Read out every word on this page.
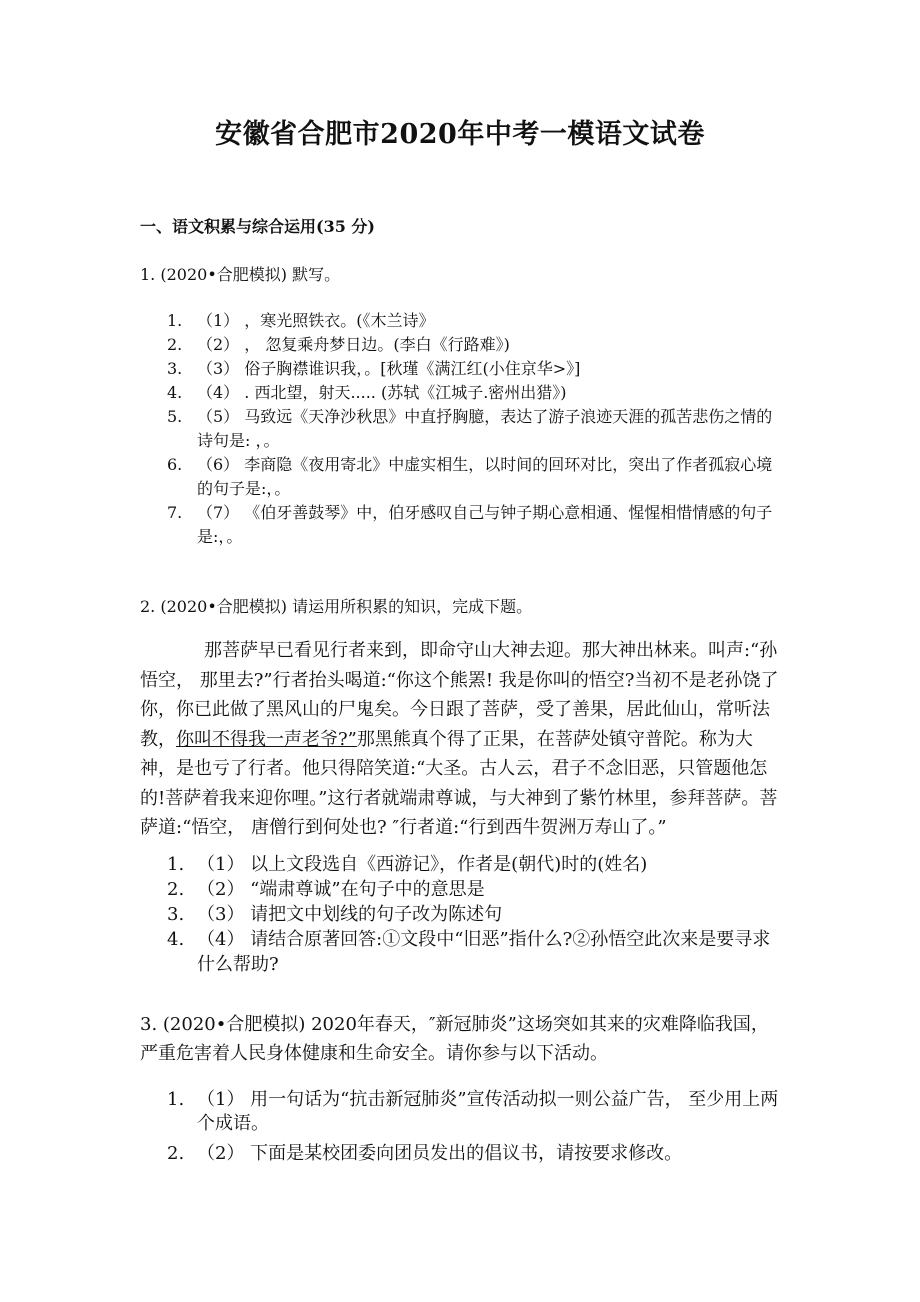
安徽省合肥市2020年中考一模语文试卷
一、语文积累与综合运用(35 分)
1. (2020•合肥模拟) 默写。
1. （1） ，寒光照铁衣。(《木兰诗》
2. （2） ， 忽复乘舟梦日边。(李白《行路难》)
3. （3） 俗子胸襟谁识我，。[秋瑾《满江红(小住京华>》]
4. （4） . 西北望，射天..... (苏轼《江城子.密州出猎》)
5. （5） 马致远《天净沙秋思》中直抒胸臆，表达了游子浪迹天涯的孤苦悲伤之情的诗句是: ，。
6. （6） 李商隐《夜用寄北》中虚实相生，以时间的回环对比，突出了作者孤寂心境的句子是:，。
7. （7） 《伯牙善鼓琴》中，伯牙感叹自己与钟子期心意相通、惺惺相惜情感的句子是:，。
2. (2020•合肥模拟) 请运用所积累的知识，完成下题。
那菩萨早已看见行者来到，即命守山大神去迎。那大神出林来。叫声:“孙悟空， 那里去?”行者抬头喝道:“你这个熊罴! 我是你叫的悟空?当初不是老孙饶了你，你已此做了黑风山的尸鬼矣。今日跟了菩萨，受了善果，居此仙山，常听法教，你叫不得我一声老爷?”那黑熊真个得了正果，在菩萨处镇守普陀。称为大神，是也亏了行者。他只得陪笑道:“大圣。古人云，君子不念旧恶，只管题他怎的!菩萨着我来迎你哩。”这行者就端肃尊诚，与大神到了紫竹林里，参拜菩萨。菩萨道:“悟空， 唐僧行到何处也? ″行者道:“行到西牛贺洲万寿山了。”
1. （1） 以上文段选自《西游记》，作者是(朝代)时的(姓名)
2. （2） “端肃尊诚”在句子中的意思是
3. （3） 请把文中划线的句子改为陈述句
4. （4） 请结合原著回答:①文段中“旧恶”指什么?②孙悟空此次来是要寻求什么帮助?
3. (2020•合肥模拟) 2020年春天，″新冠肺炎”这场突如其来的灾难降临我国，严重危害着人民身体健康和生命安全。请你参与以下活动。
1. （1） 用一句话为“抗击新冠肺炎”宣传活动拟一则公益广告， 至少用上两个成语。
2. （2） 下面是某校团委向团员发出的倡议书，请按要求修改。
